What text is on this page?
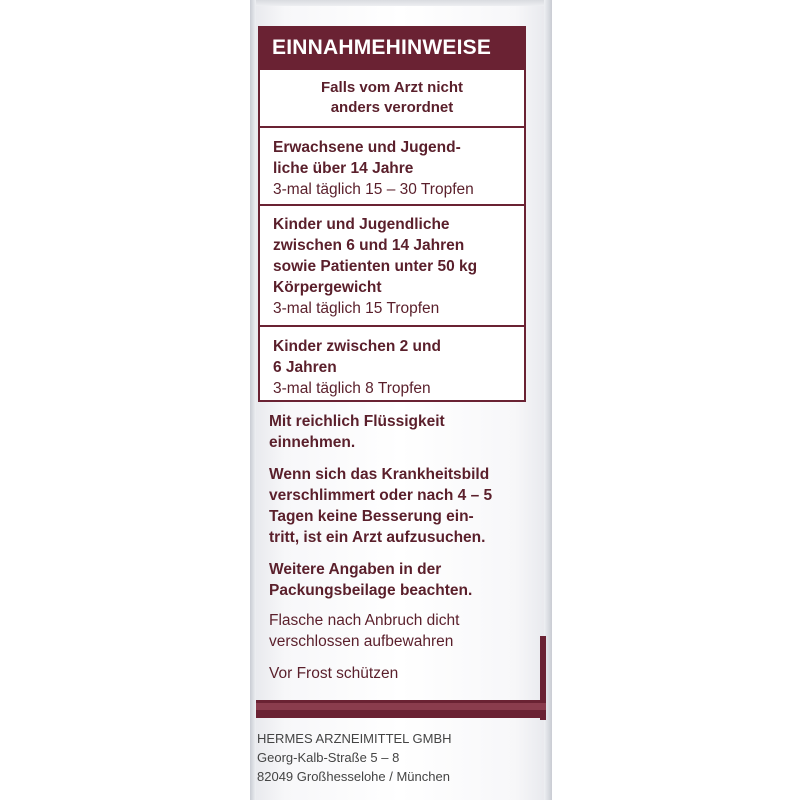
EINNAHMEHINWEISE
Falls vom Arzt nicht
anders verordnet
Erwachsene und Jugend-
liche über 14 Jahre
3-mal täglich 15 – 30 Tropfen
Kinder und Jugendliche
zwischen 6 und 14 Jahren
sowie Patienten unter 50 kg
Körpergewicht
3-mal täglich 15 Tropfen
Kinder zwischen 2 und
6 Jahren
3-mal täglich 8 Tropfen
Mit reichlich Flüssigkeit
einnehmen.
Wenn sich das Krankheitsbild
verschlimmert oder nach 4 – 5
Tagen keine Besserung ein-
tritt, ist ein Arzt aufzusuchen.
Weitere Angaben in der
Packungsbeilage beachten.
Flasche nach Anbruch dicht
verschlossen aufbewahren
Vor Frost schützen
HERMES ARZNEIMITTEL GMBH
Georg-Kalb-Straße 5 – 8
82049 Großhesselohe / München
